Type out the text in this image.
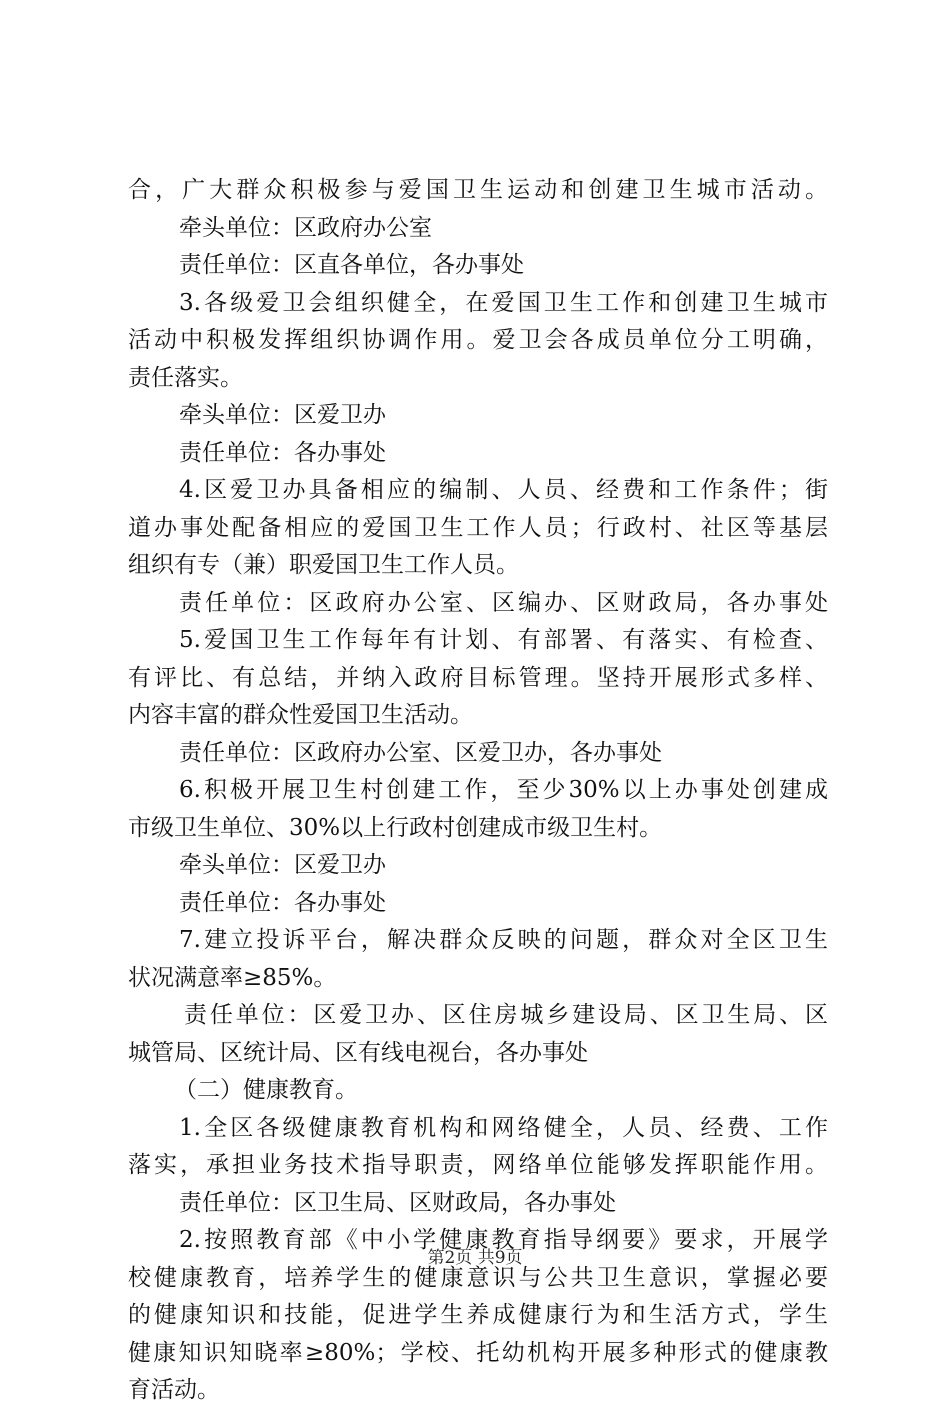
合，广大群众积极参与爱国卫生运动和创建卫生城市活动。
牵头单位：区政府办公室
责任单位：区直各单位，各办事处
3.各级爱卫会组织健全，在爱国卫生工作和创建卫生城市
活动中积极发挥组织协调作用。爱卫会各成员单位分工明确，
责任落实。
牵头单位：区爱卫办
责任单位：各办事处
4.区爱卫办具备相应的编制、人员、经费和工作条件；街
道办事处配备相应的爱国卫生工作人员；行政村、社区等基层
组织有专（兼）职爱国卫生工作人员。
责任单位：区政府办公室、区编办、区财政局，各办事处
5.爱国卫生工作每年有计划、有部署、有落实、有检查、
有评比、有总结，并纳入政府目标管理。坚持开展形式多样、
内容丰富的群众性爱国卫生活动。
责任单位：区政府办公室、区爱卫办，各办事处
6.积极开展卫生村创建工作，至少30%以上办事处创建成
市级卫生单位、30%以上行政村创建成市级卫生村。
牵头单位：区爱卫办
责任单位：各办事处
7.建立投诉平台，解决群众反映的问题，群众对全区卫生
状况满意率≥85%。
责任单位：区爱卫办、区住房城乡建设局、区卫生局、区
城管局、区统计局、区有线电视台，各办事处
（二）健康教育。
1.全区各级健康教育机构和网络健全，人员、经费、工作
落实，承担业务技术指导职责，网络单位能够发挥职能作用。
责任单位：区卫生局、区财政局，各办事处
2.按照教育部《中小学健康教育指导纲要》要求，开展学
校健康教育，培养学生的健康意识与公共卫生意识，掌握必要
的健康知识和技能，促进学生养成健康行为和生活方式，学生
健康知识知晓率≥80%；学校、托幼机构开展多种形式的健康教
育活动。
第2页 共9页
